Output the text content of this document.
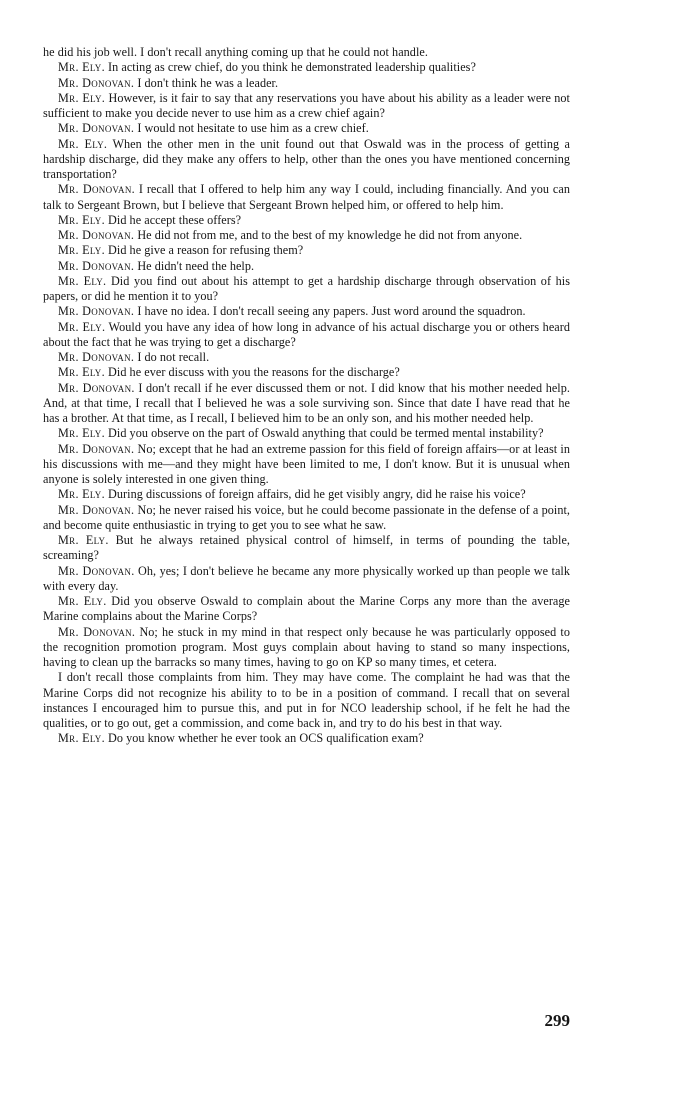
he did his job well. I don't recall anything coming up that he could not handle.

Mr. Ely. In acting as crew chief, do you think he demonstrated leadership qualities?

Mr. Donovan. I don't think he was a leader.

Mr. Ely. However, is it fair to say that any reservations you have about his ability as a leader were not sufficient to make you decide never to use him as a crew chief again?

Mr. Donovan. I would not hesitate to use him as a crew chief.

Mr. Ely. When the other men in the unit found out that Oswald was in the process of getting a hardship discharge, did they make any offers to help, other than the ones you have mentioned concerning transportation?

Mr. Donovan. I recall that I offered to help him any way I could, including financially. And you can talk to Sergeant Brown, but I believe that Sergeant Brown helped him, or offered to help him.

Mr. Ely. Did he accept these offers?

Mr. Donovan. He did not from me, and to the best of my knowledge he did not from anyone.

Mr. Ely. Did he give a reason for refusing them?

Mr. Donovan. He didn't need the help.

Mr. Ely. Did you find out about his attempt to get a hardship discharge through observation of his papers, or did he mention it to you?

Mr. Donovan. I have no idea. I don't recall seeing any papers. Just word around the squadron.

Mr. Ely. Would you have any idea of how long in advance of his actual discharge you or others heard about the fact that he was trying to get a discharge?

Mr. Donovan. I do not recall.

Mr. Ely. Did he ever discuss with you the reasons for the discharge?

Mr. Donovan. I don't recall if he ever discussed them or not. I did know that his mother needed help. And, at that time, I recall that I believed he was a sole surviving son. Since that date I have read that he has a brother. At that time, as I recall, I believed him to be an only son, and his mother needed help.

Mr. Ely. Did you observe on the part of Oswald anything that could be termed mental instability?

Mr. Donovan. No; except that he had an extreme passion for this field of foreign affairs—or at least in his discussions with me—and they might have been limited to me, I don't know. But it is unusual when anyone is solely interested in one given thing.

Mr. Ely. During discussions of foreign affairs, did he get visibly angry, did he raise his voice?

Mr. Donovan. No; he never raised his voice, but he could become passionate in the defense of a point, and become quite enthusiastic in trying to get you to see what he saw.

Mr. Ely. But he always retained physical control of himself, in terms of pounding the table, screaming?

Mr. Donovan. Oh, yes; I don't believe he became any more physically worked up than people we talk with every day.

Mr. Ely. Did you observe Oswald to complain about the Marine Corps any more than the average Marine complains about the Marine Corps?

Mr. Donovan. No; he stuck in my mind in that respect only because he was particularly opposed to the recognition promotion program. Most guys complain about having to stand so many inspections, having to clean up the barracks so many times, having to go on KP so many times, et cetera.

I don't recall those complaints from him. They may have come. The complaint he had was that the Marine Corps did not recognize his ability to to be in a position of command. I recall that on several instances I encouraged him to pursue this, and put in for NCO leadership school, if he felt he had the qualities, or to go out, get a commission, and come back in, and try to do his best in that way.

Mr. Ely. Do you know whether he ever took an OCS qualification exam?

299
